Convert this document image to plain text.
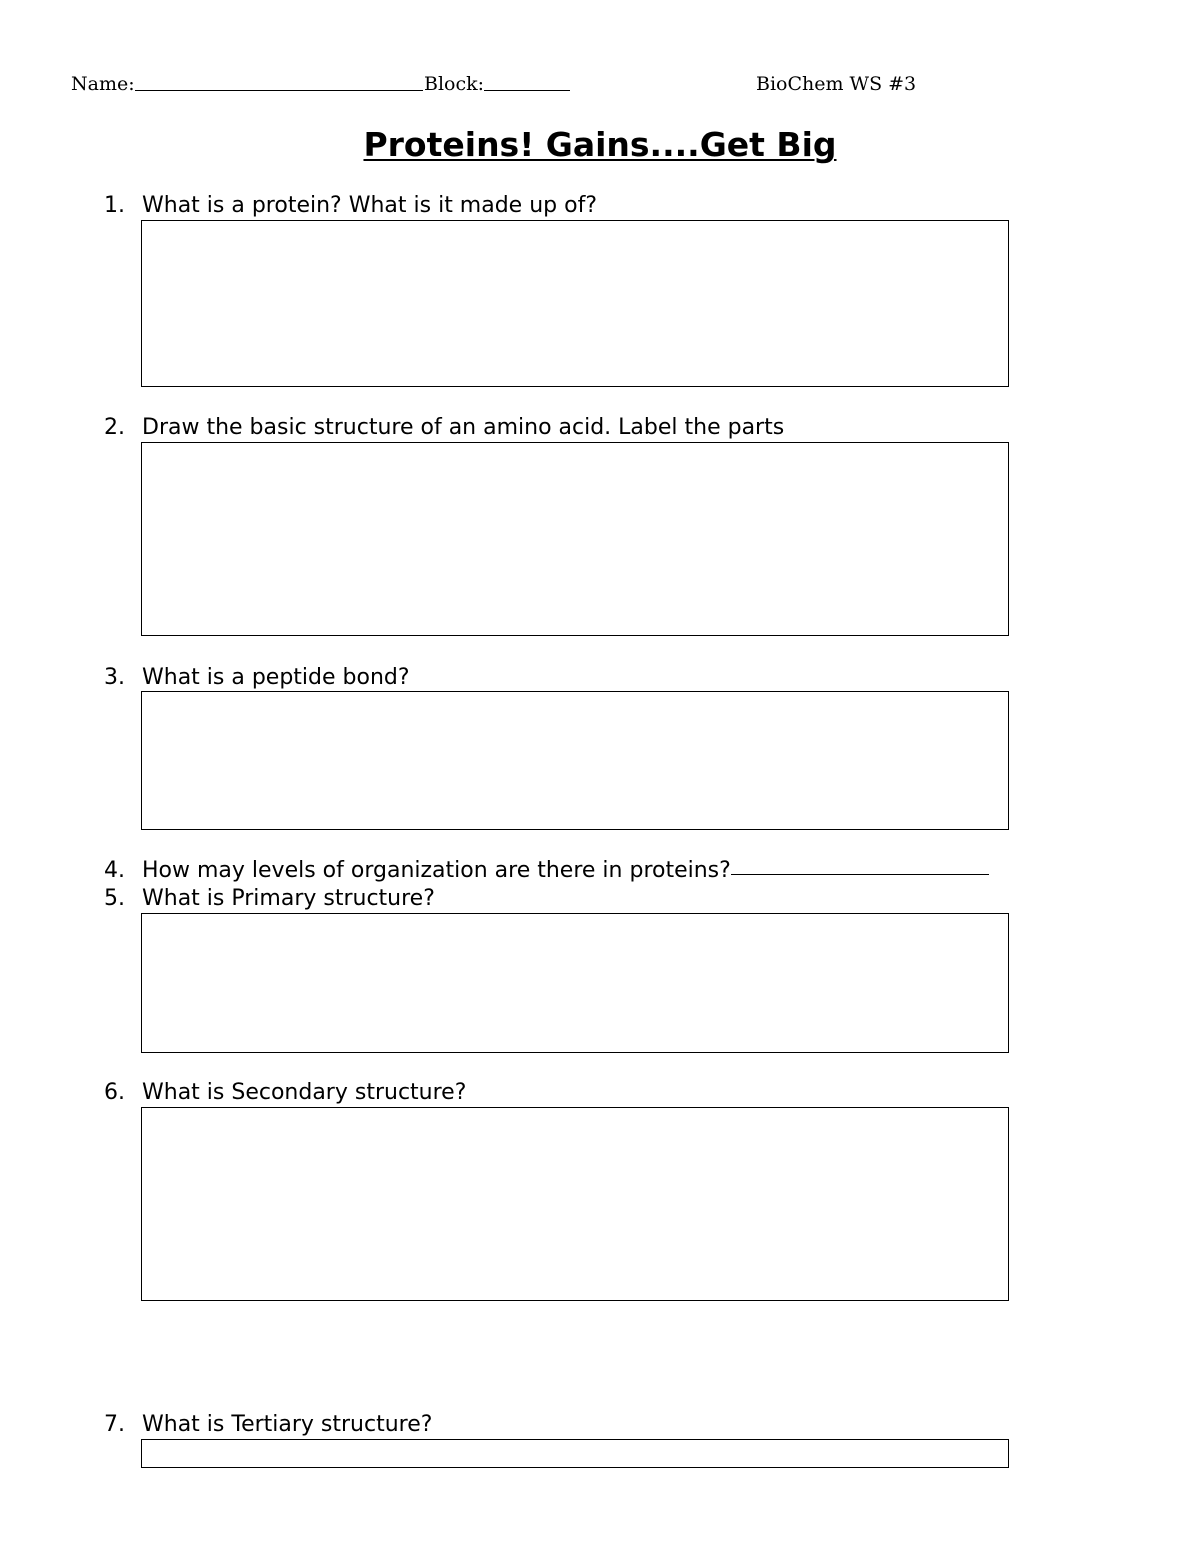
Name:	Block:	BioChem WS #3
Proteins! Gains....Get Big
1. What is a protein? What is it made up of?
2. Draw the basic structure of an amino acid. Label the parts
3. What is a peptide bond?
4. How may levels of organization are there in proteins?
5. What is Primary structure?
6. What is Secondary structure?
7. What is Tertiary structure?
